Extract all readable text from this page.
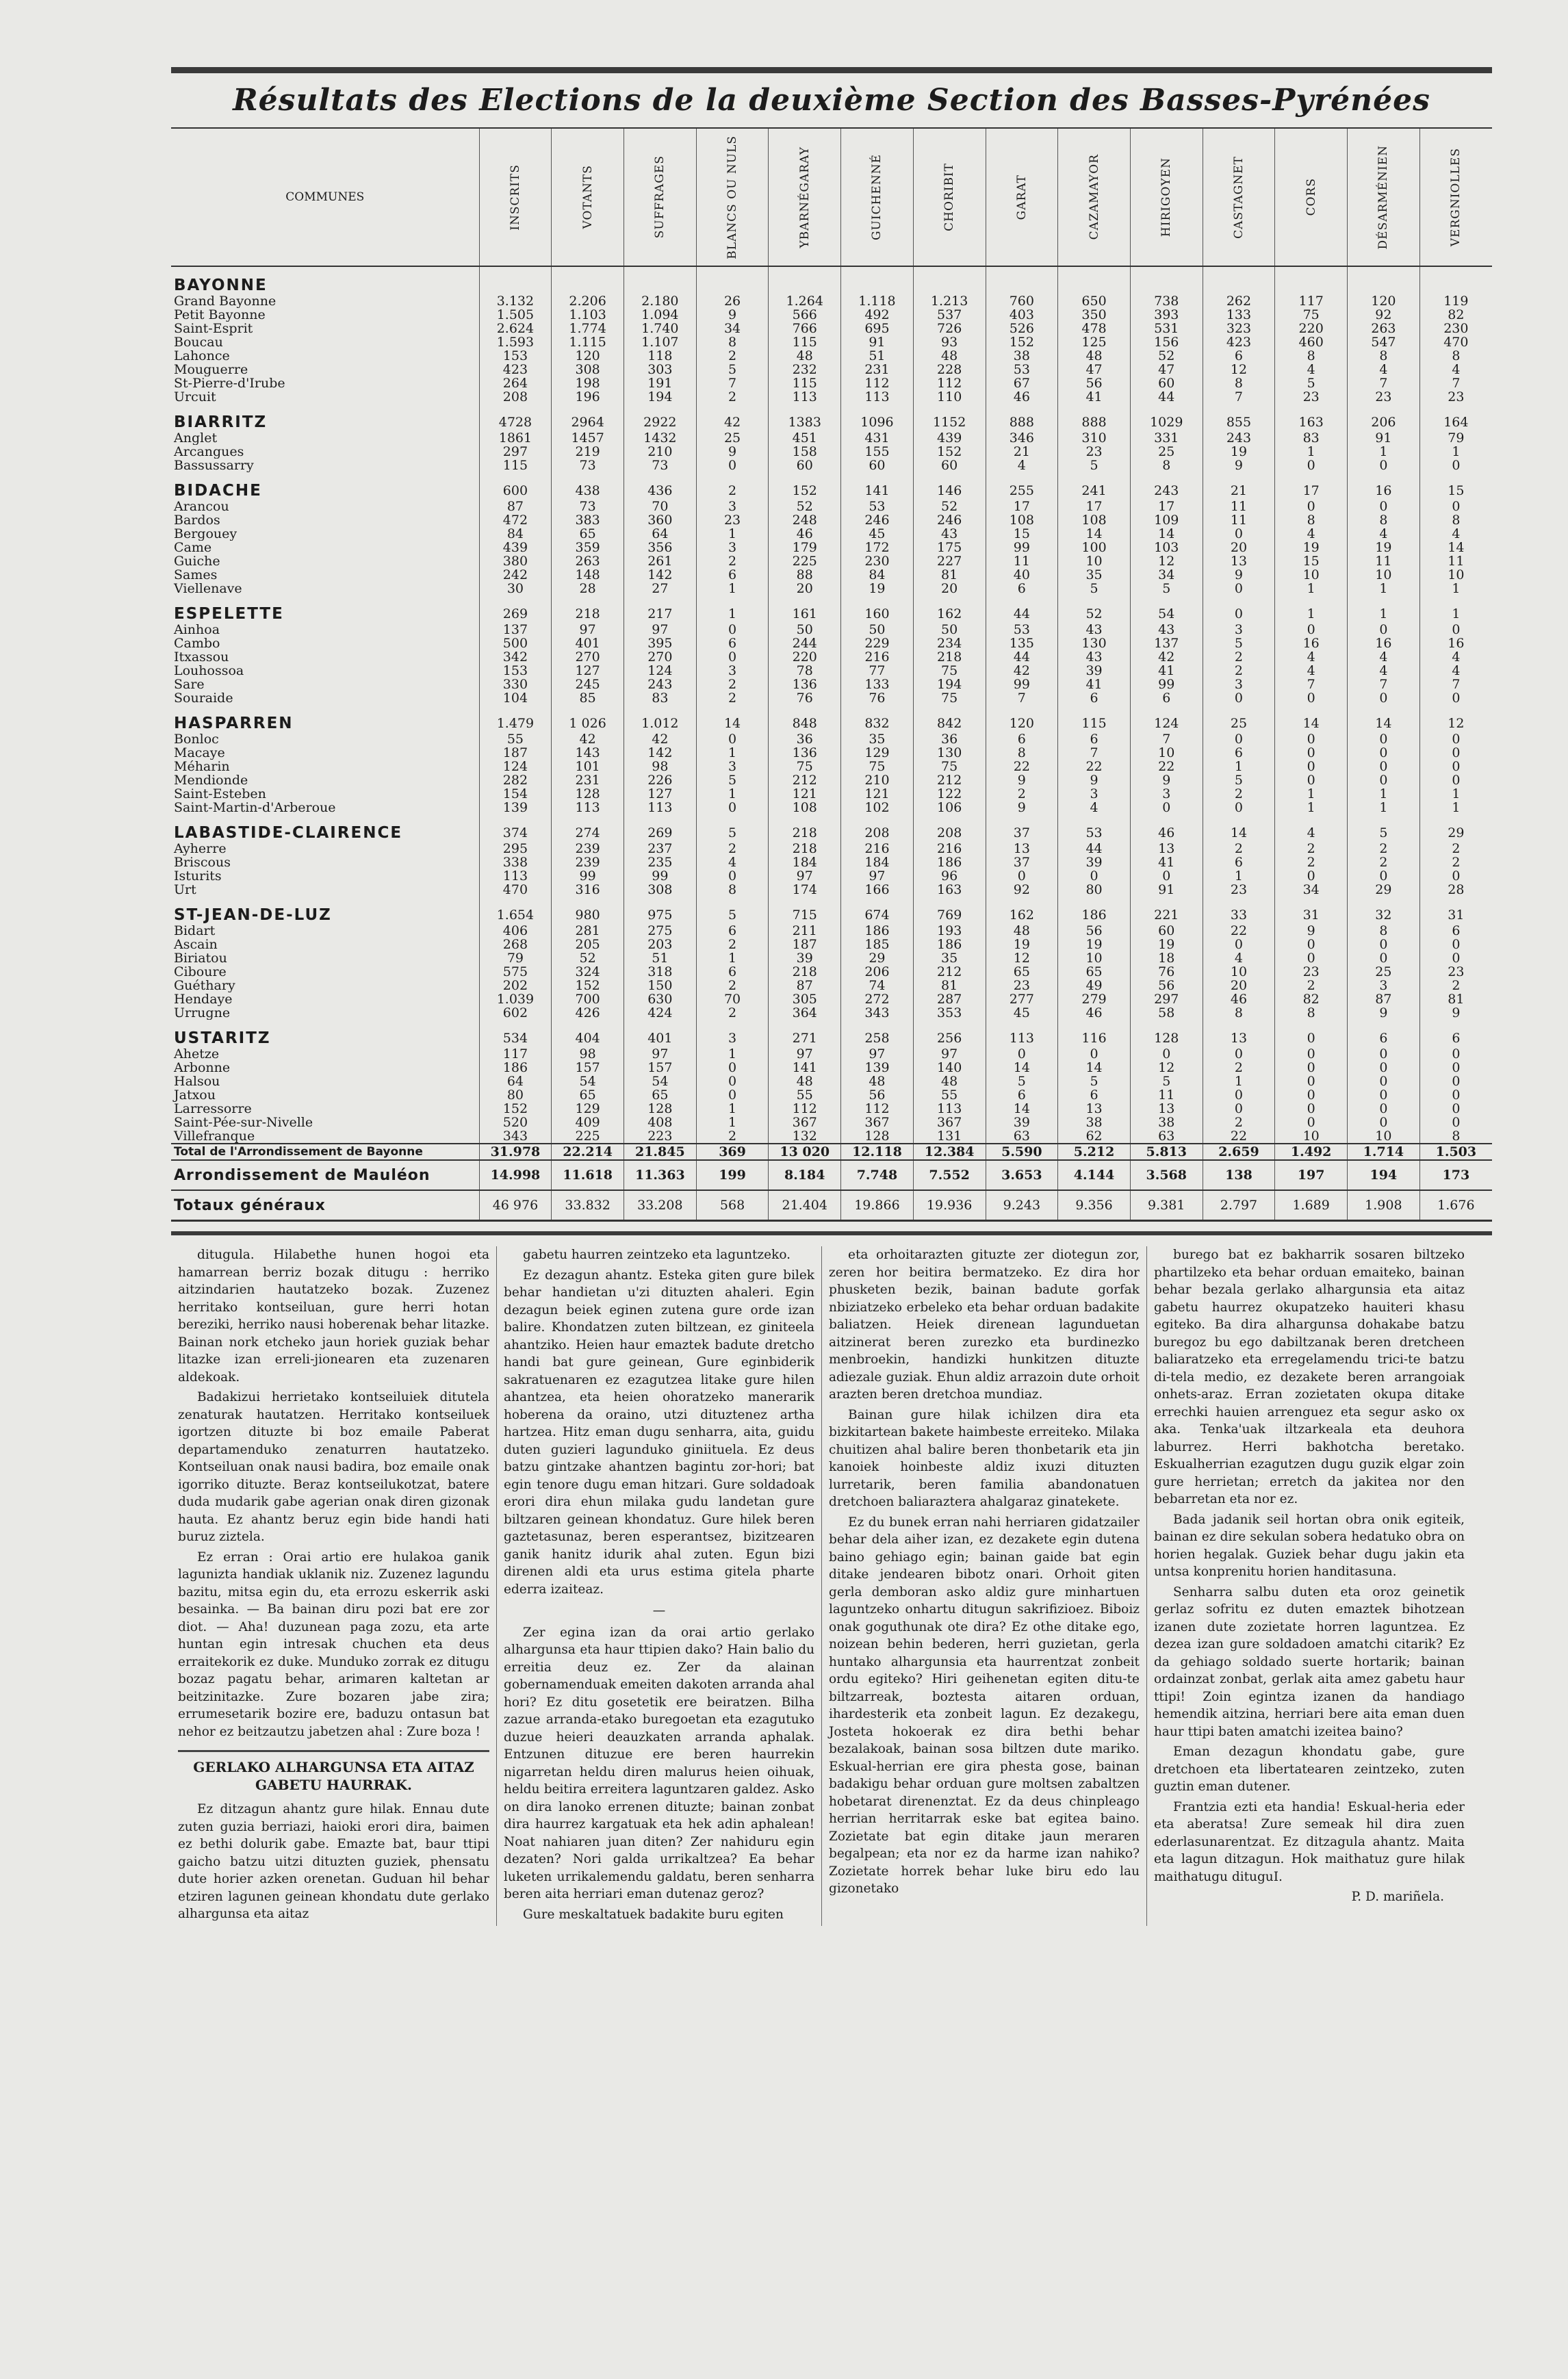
Résultats des Elections de la deuxième Section des Basses-Pyrénées
COMMUNES	INSCRITS	VOTANTS	SUFFRAGES	BLANCS OU NULS	YBARNÉGARAY	GUICHENNÉ	CHORIBIT	GARAT	CAZAMAYOR	HIRIGOYEN	CASTAGNET	CORS	DÉSARMÉNIEN	VERGNIOLLES

BAYONNE														
Grand Bayonne	3.132	2.206	2.180	26	1.264	1.118	1.213	760	650	738	262	117	120	119
Petit Bayonne	1.505	1.103	1.094	9	566	492	537	403	350	393	133	75	92	82
Saint-Esprit	2.624	1.774	1.740	34	766	695	726	526	478	531	323	220	263	230
Boucau	1.593	1.115	1.107	8	115	91	93	152	125	156	423	460	547	470
Lahonce	153	120	118	2	48	51	48	38	48	52	6	8	8	8
Mouguerre	423	308	303	5	232	231	228	53	47	47	12	4	4	4
St-Pierre-d'Irube	264	198	191	7	115	112	112	67	56	60	8	5	7	7
Urcuit	208	196	194	2	113	113	110	46	41	44	7	23	23	23
BIARRITZ	4728	2964	2922	42	1383	1096	1152	888	888	1029	855	163	206	164
Anglet	1861	1457	1432	25	451	431	439	346	310	331	243	83	91	79
Arcangues	297	219	210	9	158	155	152	21	23	25	19	1	1	1
Bassussarry	115	73	73	0	60	60	60	4	5	8	9	0	0	0
BIDACHE	600	438	436	2	152	141	146	255	241	243	21	17	16	15
Arancou	87	73	70	3	52	53	52	17	17	17	11	0	0	0
Bardos	472	383	360	23	248	246	246	108	108	109	11	8	8	8
Bergouey	84	65	64	1	46	45	43	15	14	14	0	4	4	4
Came	439	359	356	3	179	172	175	99	100	103	20	19	19	14
Guiche	380	263	261	2	225	230	227	11	10	12	13	15	11	11
Sames	242	148	142	6	88	84	81	40	35	34	9	10	10	10
Viellenave	30	28	27	1	20	19	20	6	5	5	0	1	1	1
ESPELETTE	269	218	217	1	161	160	162	44	52	54	0	1	1	1
Ainhoa	137	97	97	0	50	50	50	53	43	43	3	0	0	0
Cambo	500	401	395	6	244	229	234	135	130	137	5	16	16	16
Itxassou	342	270	270	0	220	216	218	44	43	42	2	4	4	4
Louhossoa	153	127	124	3	78	77	75	42	39	41	2	4	4	4
Sare	330	245	243	2	136	133	194	99	41	99	3	7	7	7
Souraide	104	85	83	2	76	76	75	7	6	6	0	0	0	0
HASPARREN	1.479	1 026	1.012	14	848	832	842	120	115	124	25	14	14	12
Bonloc	55	42	42	0	36	35	36	6	6	7	0	0	0	0
Macaye	187	143	142	1	136	129	130	8	7	10	6	0	0	0
Méharin	124	101	98	3	75	75	75	22	22	22	1	0	0	0
Mendionde	282	231	226	5	212	210	212	9	9	9	5	0	0	0
Saint-Esteben	154	128	127	1	121	121	122	2	3	3	2	1	1	1
Saint-Martin-d'Arberoue	139	113	113	0	108	102	106	9	4	0	0	1	1	1
LABASTIDE-CLAIRENCE	374	274	269	5	218	208	208	37	53	46	14	4	5	29
Ayherre	295	239	237	2	218	216	216	13	44	13	2	2	2	2
Briscous	338	239	235	4	184	184	186	37	39	41	6	2	2	2
Isturits	113	99	99	0	97	97	96	0	0	0	1	0	0	0
Urt	470	316	308	8	174	166	163	92	80	91	23	34	29	28
ST-JEAN-DE-LUZ	1.654	980	975	5	715	674	769	162	186	221	33	31	32	31
Bidart	406	281	275	6	211	186	193	48	56	60	22	9	8	6
Ascain	268	205	203	2	187	185	186	19	19	19	0	0	0	0
Biriatou	79	52	51	1	39	29	35	12	10	18	4	0	0	0
Ciboure	575	324	318	6	218	206	212	65	65	76	10	23	25	23
Guéthary	202	152	150	2	87	74	81	23	49	56	20	2	3	2
Hendaye	1.039	700	630	70	305	272	287	277	279	297	46	82	87	81
Urrugne	602	426	424	2	364	343	353	45	46	58	8	8	9	9
USTARITZ	534	404	401	3	271	258	256	113	116	128	13	0	6	6
Ahetze	117	98	97	1	97	97	97	0	0	0	0	0	0	0
Arbonne	186	157	157	0	141	139	140	14	14	12	2	0	0	0
Halsou	64	54	54	0	48	48	48	5	5	5	1	0	0	0
Jatxou	80	65	65	0	55	56	55	6	6	11	0	0	0	0
Larressorre	152	129	128	1	112	112	113	14	13	13	0	0	0	0
Saint-Pée-sur-Nivelle	520	409	408	1	367	367	367	39	38	38	2	0	0	0
Villefranque	343	225	223	2	132	128	131	63	62	63	22	10	10	8
Total de l'Arrondissement de Bayonne	31.978	22.214	21.845	369	13 020	12.118	12.384	5.590	5.212	5.813	2.659	1.492	1.714	1.503
Arrondissement de Mauléon	14.998	11.618	11.363	199	8.184	7.748	7.552	3.653	4.144	3.568	138	197	194	173
Totaux généraux	46 976	33.832	33.208	568	21.404	19.866	19.936	9.243	9.356	9.381	2.797	1.689	1.908	1.676

ditugula. Hilabethe hunen hogoi eta hamarrean berriz bozak ditugu : herriko aitzindarien hautatzeko bozak. Zuzenez herritako kontseiluan, gure herri hotan bereziki, herriko nausi hoberenak behar litazke. Bainan nork etcheko jaun horiek guziak behar litazke izan erreli-jionearen eta zuzenaren aldekoak.

Badakizui herrietako kontseiluiek ditutela zenaturak hautatzen. Herritako kontseiluek igortzen dituzte bi boz emaile Paberat departamenduko zenaturren hautatzeko. Kontseiluan onak nausi badira, boz emaile onak igorriko dituzte. Beraz kontseilukotzat, batere duda mudarik gabe agerian onak diren gizonak hauta. Ez ahantz beruz egin bide handi hati buruz ziztela.

Ez erran : Orai artio ere hulakoa ganik lagunizta handiak uklanik niz. Zuzenez lagundu bazitu, mitsa egin du, eta errozu eskerrik aski besainka. — Ba bainan diru pozi bat ere zor diot. — Aha! duzunean paga zozu, eta arte huntan egin intresak chuchen eta deus erraitekorik ez duke. Munduko zorrak ez ditugu bozaz pagatu behar, arimaren kaltetan ar beitzinitazke. Zure bozaren jabe zira; errumesetarik bozire ere, baduzu ontasun bat nehor ez beitzautzu jabetzen ahal : Zure boza !

GERLAKO ALHARGUNSA ETA AITAZ GABETU HAURRAK.

Ez ditzagun ahantz gure hilak. Ennau dute zuten guzia berriazi, haioki erori dira, baimen ez bethi dolurik gabe. Emazte bat, baur ttipi gaicho batzu uitzi dituzten guziek, phensatu dute horier azken orenetan. Guduan hil behar etziren lagunen geinean khondatu dute gerlako alhargunsa eta aitaz

gabetu haurren zeintzeko eta laguntzeko.

Ez dezagun ahantz. Esteka giten gure bilek behar handietan u'zi dituzten ahaleri. Egin dezagun beiek eginen zutena gure orde izan balire. Khondatzen zuten biltzean, ez giniteela ahantziko. Heien haur emaztek badute dretcho handi bat gure geinean, Gure eginbiderik sakratuenaren ez ezagutzea litake gure hilen ahantzea, eta heien ohoratzeko manerarik hoberena da oraino, utzi dituztenez artha hartzea. Hitz eman dugu senharra, aita, guidu duten guzieri lagunduko giniituela. Ez deus batzu gintzake ahantzen bagintu zor-hori; bat egin tenore dugu eman hitzari. Gure soldadoak erori dira ehun milaka gudu landetan gure biltzaren geinean khondatuz. Gure hilek beren gaztetasunaz, beren esperantsez, bizitzearen ganik hanitz idurik ahal zuten. Egun bizi direnen aldi eta urus estima gitela pharte ederra izaiteaz.

—

Zer egina izan da orai artio gerlako alhargunsa eta haur ttipien dako? Hain balio du erreitia deuz ez. Zer da alainan gobernamenduak emeiten dakoten arranda ahal hori? Ez ditu gosetetik ere beiratzen. Bilha zazue arranda-etako buregoetan eta ezagutuko duzue heieri deauzkaten arranda aphalak. Entzunen dituzue ere beren haurrekin nigarretan heldu diren malurus heien oihuak, heldu beitira erreitera laguntzaren galdez. Asko on dira lanoko errenen dituzte; bainan zonbat dira haurrez kargatuak eta hek adin aphalean! Noat nahiaren juan diten? Zer nahiduru egin dezaten? Nori galda urrikaltzea? Ea behar luketen urrikalemendu galdatu, beren senharra beren aita herriari eman dutenaz geroz?

Gure meskaltatuek badakite buru egiten

eta orhoitarazten gituzte zer diotegun zor, zeren hor beitira bermatzeko. Ez dira hor phusketen bezik, bainan badute gorfak nbiziatzeko erbeleko eta behar orduan badakite baliatzen. Heiek direnean lagunduetan aitzinerat beren zurezko eta burdinezko menbroekin, handizki hunkitzen dituzte adiezale guziak. Ehun aldiz arrazoin dute orhoit arazten beren dretchoa mundiaz.

Bainan gure hilak ichilzen dira eta bizkitartean bakete haimbeste erreiteko. Milaka chuitizen ahal balire beren thonbetarik eta jin kanoiek hoinbeste aldiz ixuzi dituzten lurretarik, beren familia abandonatuen dretchoen baliaraztera ahalgaraz ginatekete.

Ez du bunek erran nahi herriaren gidatzailer behar dela aiher izan, ez dezakete egin dutena baino gehiago egin; bainan gaide bat egin ditake jendearen bibotz onari. Orhoit giten gerla demboran asko aldiz gure minhartuen laguntzeko onhartu ditugun sakrifizioez. Biboiz onak goguthunak ote dira? Ez othe ditake ego, noizean behin bederen, herri guzietan, gerla huntako alhargunsia eta haurrentzat zonbeit ordu egiteko? Hiri geihenetan egiten ditu-te biltzarreak, boztesta aitaren orduan, ihardesterik eta zonbeit lagun. Ez dezakegu, Josteta hokoerak ez dira bethi behar bezalakoak, bainan sosa biltzen dute mariko. Eskual-herrian ere gira phesta gose, bainan badakigu behar orduan gure moltsen zabaltzen hobetarat direnenztat. Ez da deus chinpleago herrian herritarrak eske bat egitea baino. Zozietate bat egin ditake jaun meraren begalpean; eta nor ez da harme izan nahiko? Zozietate horrek behar luke biru edo lau gizonetako

burego bat ez bakharrik sosaren biltzeko phartilzeko eta behar orduan emaiteko, bainan behar bezala gerlako alhargunsia eta aitaz gabetu haurrez okupatzeko hauiteri khasu egiteko. Ba dira alhargunsa dohakabe batzu buregoz bu ego dabiltzanak beren dretcheen baliaratzeko eta erregelamendu trici-te batzu di-tela medio, ez dezakete beren arrangoiak onhets-araz. Erran zozietaten okupa ditake errechki hauien arrenguez eta segur asko ox aka. Tenka'uak iltzarkeala eta deuhora laburrez. Herri bakhotcha beretako. Eskualherrian ezagutzen dugu guzik elgar zoin gure herrietan; erretch da jakitea nor den bebarretan eta nor ez.

Bada jadanik seil hortan obra onik egiteik, bainan ez dire sekulan sobera hedatuko obra on horien hegalak. Guziek behar dugu jakin eta untsa konprenitu horien handitasuna.

Senharra salbu duten eta oroz geinetik gerlaz sofritu ez duten emaztek bihotzean izanen dute zozietate horren laguntzea. Ez dezea izan gure soldadoen amatchi citarik? Ez da gehiago soldado suerte hortarik; bainan ordainzat zonbat, gerlak aita amez gabetu haur ttipi! Zoin egintza izanen da handiago hemendik aitzina, herriari bere aita eman duen haur ttipi baten amatchi izeitea baino?

Eman dezagun khondatu gabe, gure dretchoen eta libertatearen zeintzeko, zuten guztin eman dutener.

Frantzia ezti eta handia! Eskual-heria eder eta aberatsa! Zure semeak hil dira zuen ederlasunarentzat. Ez ditzagula ahantz. Maita eta lagun ditzagun. Hok maithatuz gure hilak maithatugu dituguI.

P. D. mariñela.
